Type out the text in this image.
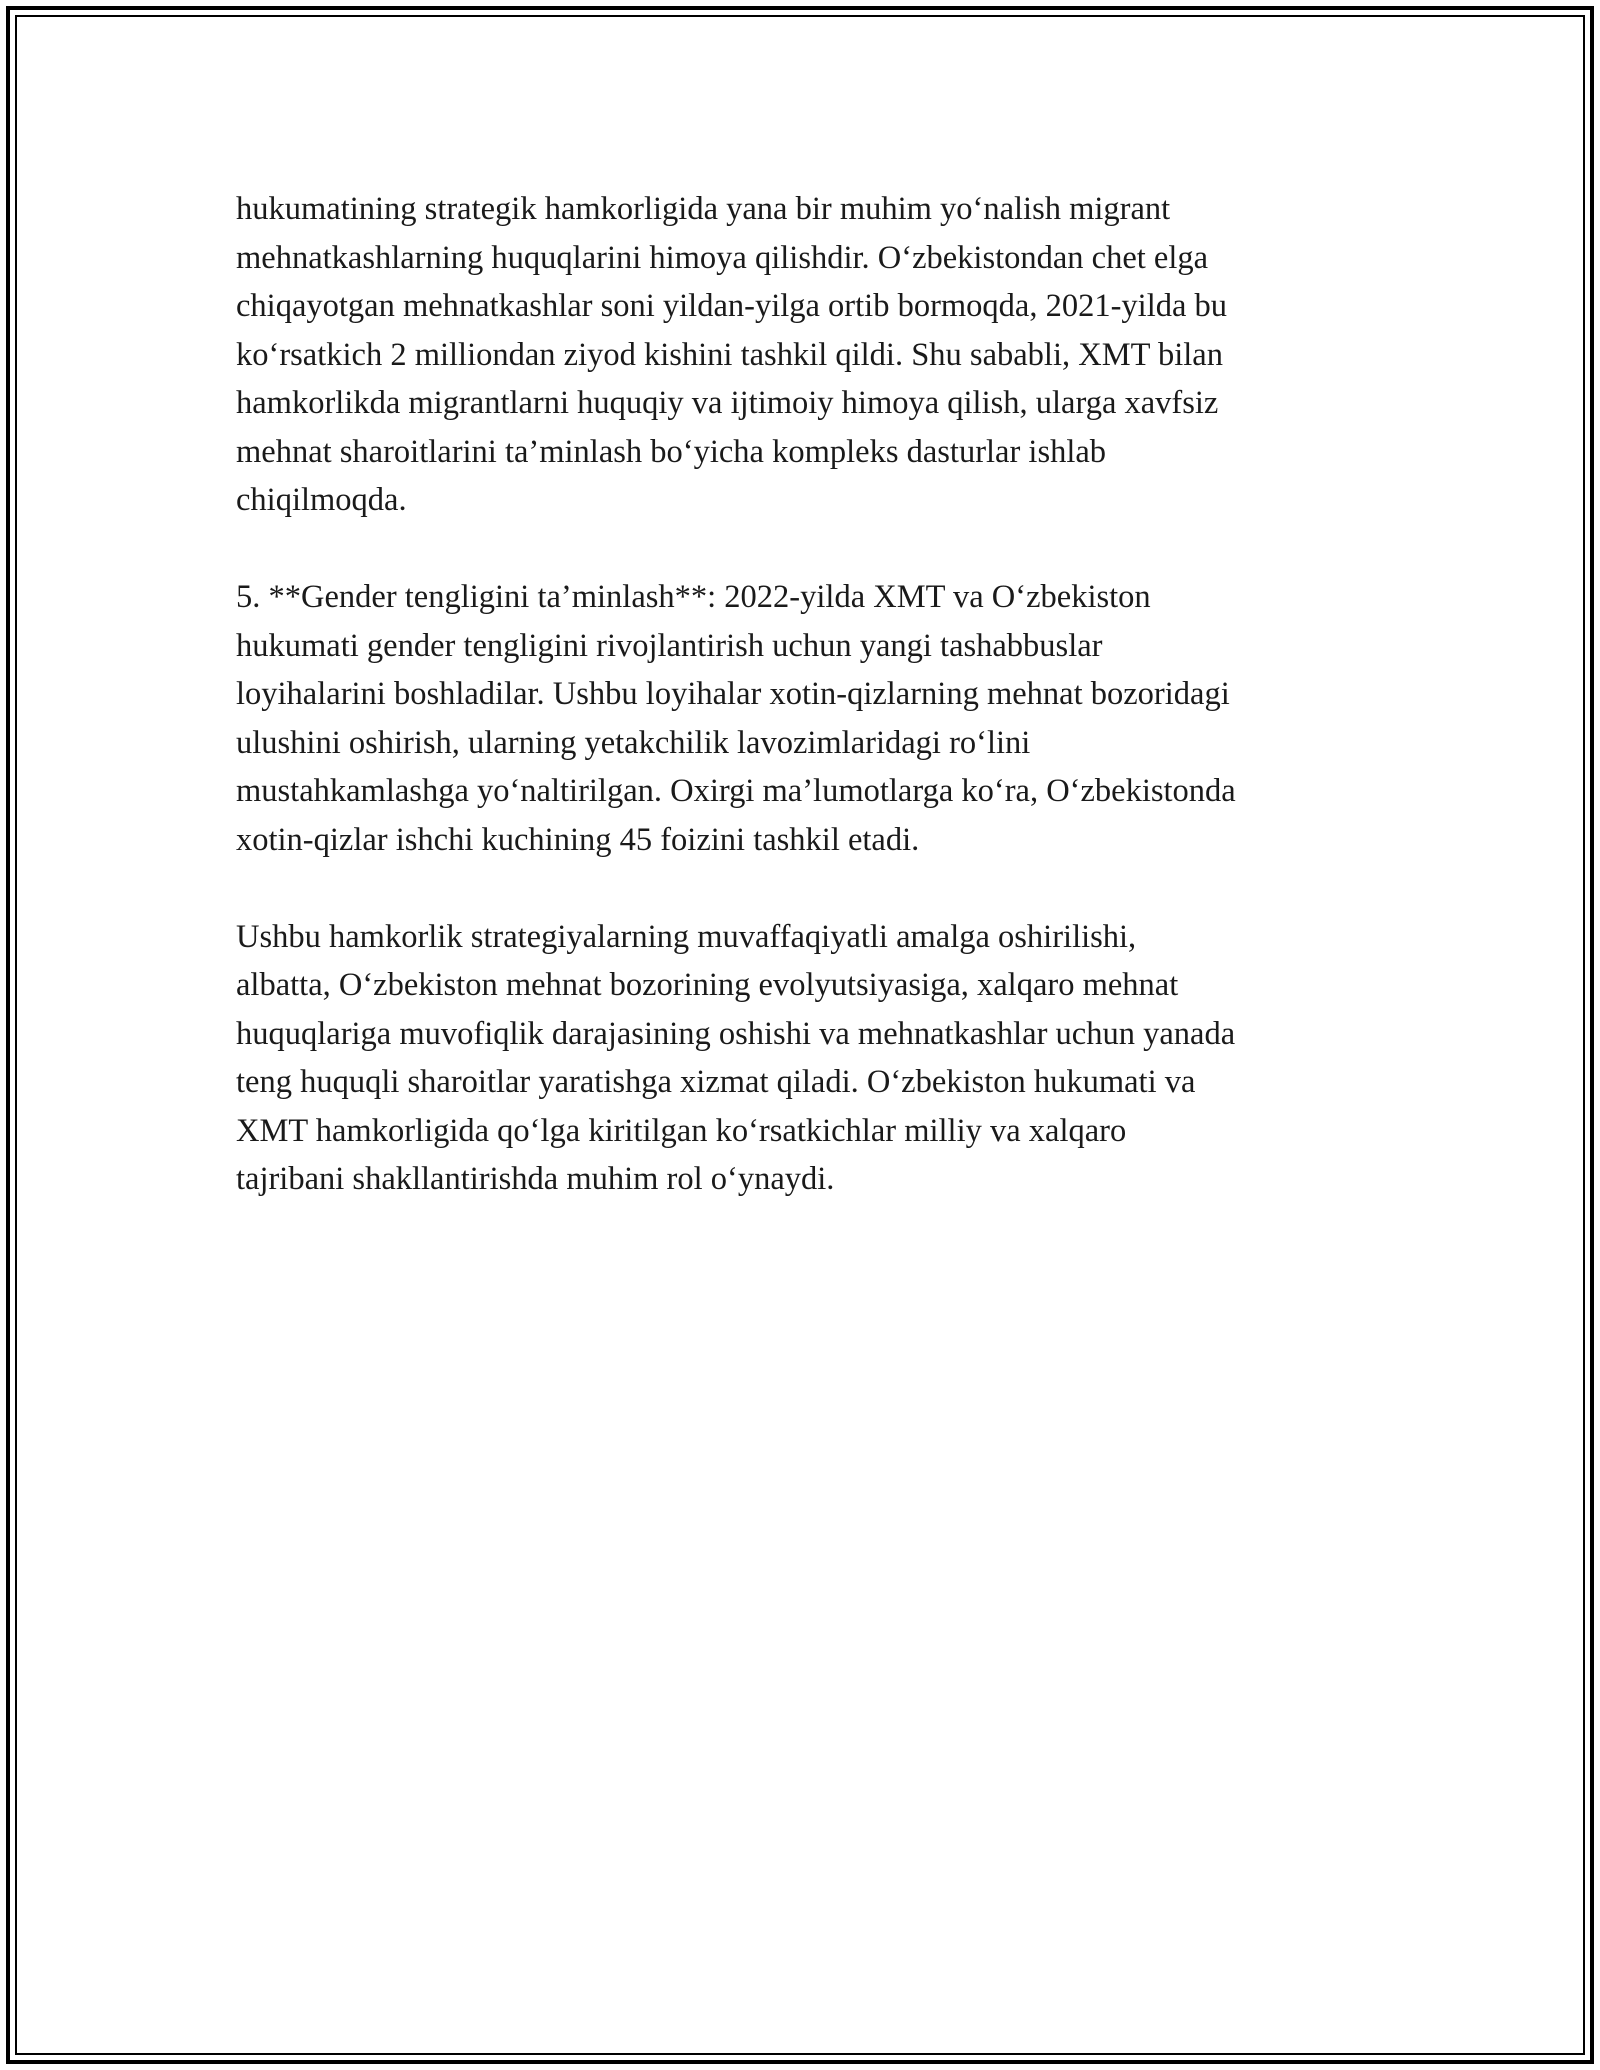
hukumatining strategik hamkorligida yana bir muhim yoʻnalish migrant
mehnatkashlarning huquqlarini himoya qilishdir. Oʻzbekistondan chet elga
chiqayotgan mehnatkashlar soni yildan-yilga ortib bormoqda, 2021-yilda bu
koʻrsatkich 2 milliondan ziyod kishini tashkil qildi. Shu sababli, XMT bilan
hamkorlikda migrantlarni huquqiy va ijtimoiy himoya qilish, ularga xavfsiz
mehnat sharoitlarini ta’minlash boʻyicha kompleks dasturlar ishlab
chiqilmoqda.

5. **Gender tengligini ta’minlash**: 2022-yilda XMT va Oʻzbekiston
hukumati gender tengligini rivojlantirish uchun yangi tashabbuslar
loyihalarini boshladilar. Ushbu loyihalar xotin-qizlarning mehnat bozoridagi
ulushini oshirish, ularning yetakchilik lavozimlaridagi roʻlini
mustahkamlashga yoʻnaltirilgan. Oxirgi ma’lumotlarga koʻra, Oʻzbekistonda
xotin-qizlar ishchi kuchining 45 foizini tashkil etadi.

Ushbu hamkorlik strategiyalarning muvaffaqiyatli amalga oshirilishi,
albatta, Oʻzbekiston mehnat bozorining evolyutsiyasiga, xalqaro mehnat
huquqlariga muvofiqlik darajasining oshishi va mehnatkashlar uchun yanada
teng huquqli sharoitlar yaratishga xizmat qiladi. Oʻzbekiston hukumati va
XMT hamkorligida qoʻlga kiritilgan koʻrsatkichlar milliy va xalqaro
tajribani shakllantirishda muhim rol oʻynaydi.
